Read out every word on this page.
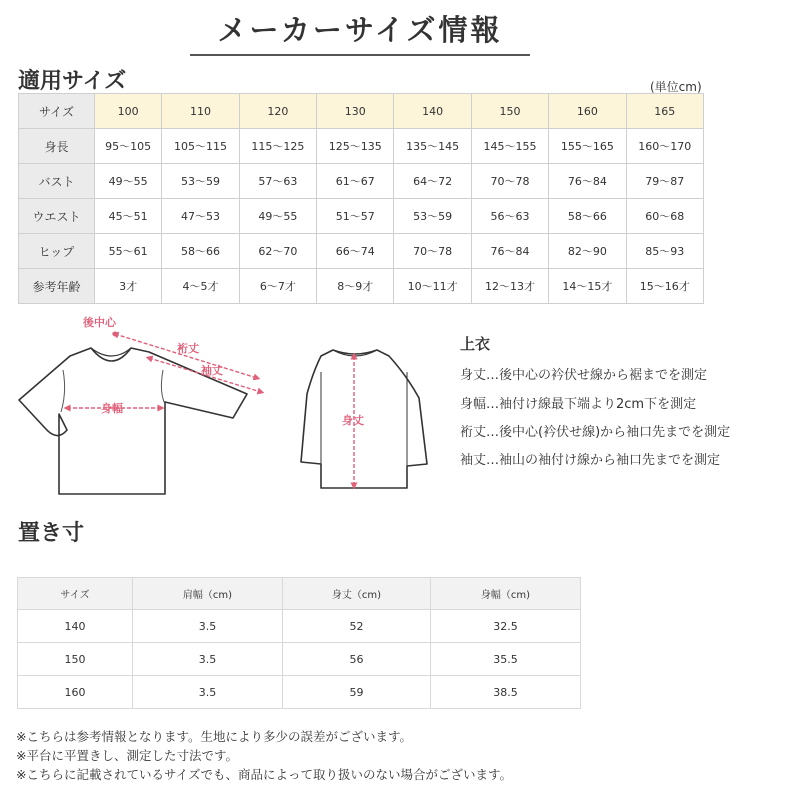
メーカーサイズ情報
適用サイズ	(単位cm)
サイズ	100	110	120	130	140	150	160	165
身長	95〜105	105〜115	115〜125	125〜135	135〜145	145〜155	155〜165	160〜170
バスト	49〜55	53〜59	57〜63	61〜67	64〜72	70〜78	76〜84	79〜87
ウエスト	45〜51	47〜53	49〜55	51〜57	53〜59	56〜63	58〜66	60〜68
ヒップ	55〜61	58〜66	62〜70	66〜74	70〜78	76〜84	82〜90	85〜93
参考年齢	3才	4〜5才	6〜7才	8〜9才	10〜11才	12〜13才	14〜15才	15〜16才
後中心
裄丈
袖丈
身幅
身丈
上衣
身丈…後中心の衿伏せ線から裾までを測定
身幅…袖付け線最下端より2cm下を測定
裄丈…後中心(衿伏せ線)から袖口先までを測定
袖丈…袖山の袖付け線から袖口先までを測定
置き寸
サイズ	肩幅（cm)	身丈（cm)	身幅（cm)
140	3.5	52	32.5
150	3.5	56	35.5
160	3.5	59	38.5
※こちらは参考情報となります。生地により多少の誤差がございます。
※平台に平置きし、測定した寸法です。
※こちらに記載されているサイズでも、商品によって取り扱いのない場合がございます。
